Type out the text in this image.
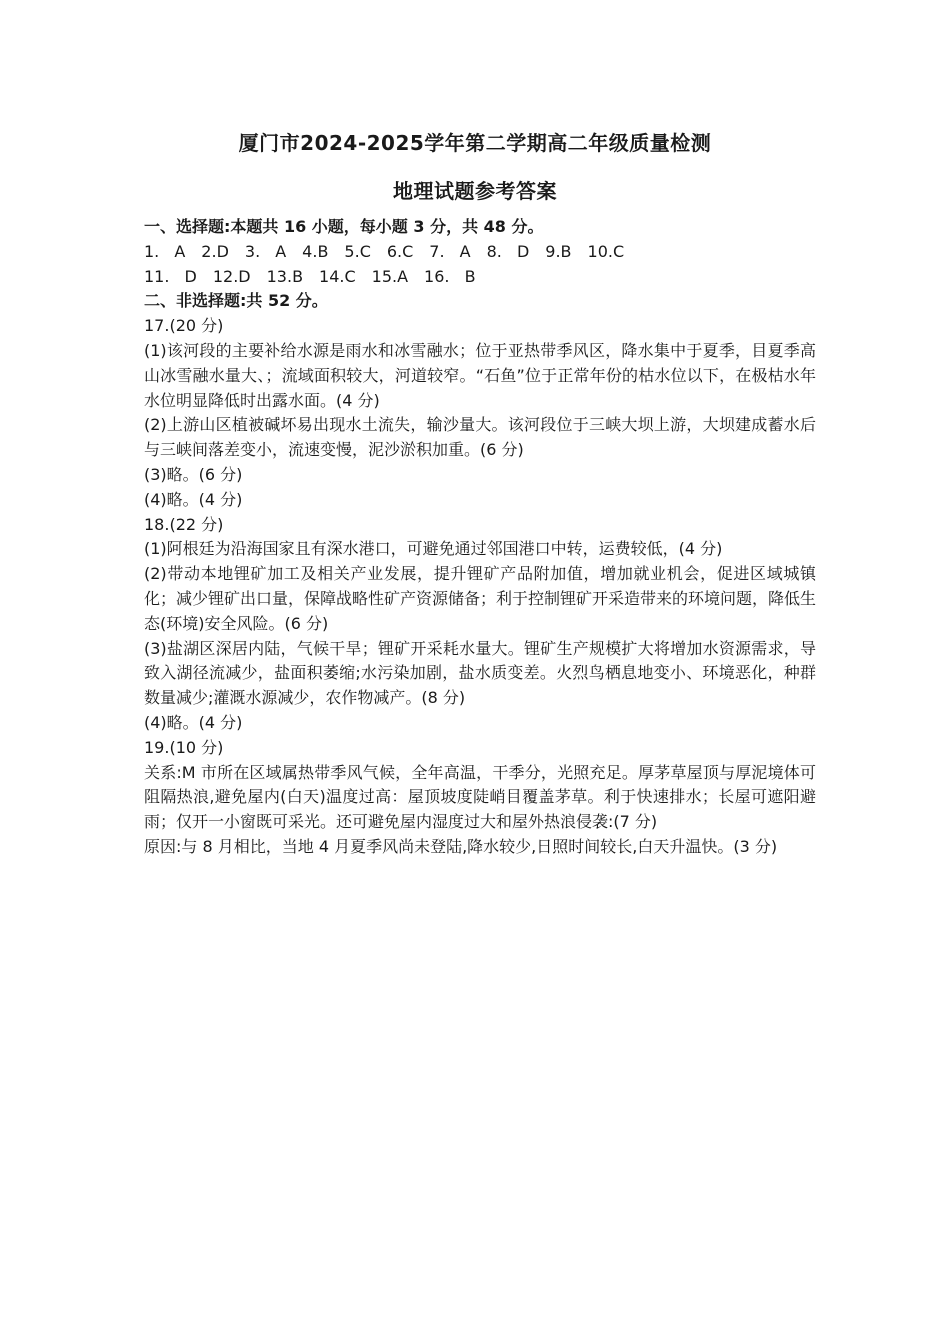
厦门市2024-2025学年第二学期高二年级质量检测
地理试题参考答案

一、选择题:本题共 16 小题，每小题 3 分，共 48 分。

1. A　2.D　3. A　4.B　5.C　6.C　7. A　8. D　9.B　10.C

11. D　12.D　13.B　14.C　15.A　16. B

二、非选择题:共 52 分。

17.(20 分)

(1)该河段的主要补给水源是雨水和冰雪融水；位于亚热带季风区，降水集中于夏季，目夏季高山冰雪融水量大、；流域面积较大，河道较窄。“石鱼”位于正常年份的枯水位以下，在极枯水年水位明显降低时出露水面。(4 分)

(2)上游山区植被碱坏易出现水土流失，输沙量大。该河段位于三峡大坝上游，大坝建成蓄水后与三峡间落差变小，流速变慢，泥沙淤积加重。(6 分)

(3)略。(6 分)

(4)略。(4 分)

18.(22 分)

(1)阿根廷为沿海国家且有深水港口，可避免通过邻国港口中转，运费较低，(4 分)

(2)带动本地锂矿加工及相关产业发展，提升锂矿产品附加值，增加就业机会，促进区域城镇化；减少锂矿出口量，保障战略性矿产资源储备；利于控制锂矿开采造带来的环境问题，降低生态(环境)安全风险。(6 分)

(3)盐湖区深居内陆，气候干旱；锂矿开采耗水量大。锂矿生产规模扩大将增加水资源需求，导致入湖径流减少，盐面积萎缩;水污染加剧，盐水质变差。火烈鸟栖息地变小、环境恶化，种群数量减少;灌溉水源减少，农作物减产。(8 分)

(4)略。(4 分)

19.(10 分)

关系:M 市所在区域属热带季风气候，全年高温，干季分，光照充足。厚茅草屋顶与厚泥境体可阻隔热浪,避免屋内(白天)温度过高：屋顶坡度陡峭目覆盖茅草。利于快速排水；长屋可遮阳避雨；仅开一小窗既可采光。还可避免屋内湿度过大和屋外热浪侵袭:(7 分)

原因:与 8 月相比，当地 4 月夏季风尚未登陆,降水较少,日照时间较长,白天升温快。(3 分)
